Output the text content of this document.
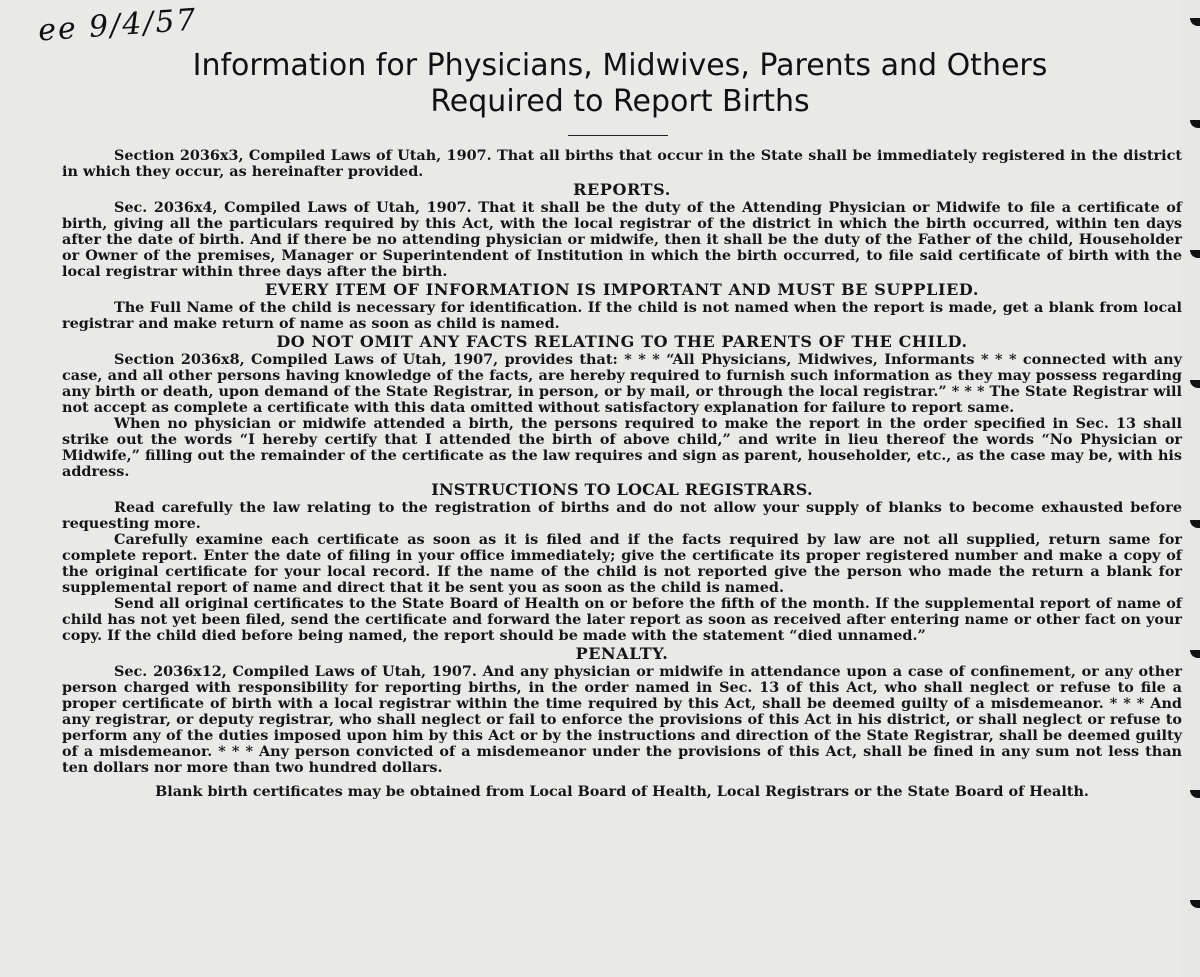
ee 9/4/57
Information for Physicians, Midwives, Parents and Others
Required to Report Births

Section 2036x3, Compiled Laws of Utah, 1907. That all births that occur in the State shall be immediately registered in the district in which they occur, as hereinafter provided.

REPORTS.

Sec. 2036x4, Compiled Laws of Utah, 1907. That it shall be the duty of the Attending Physician or Midwife to file a certificate of birth, giving all the particulars required by this Act, with the local registrar of the district in which the birth occurred, within ten days after the date of birth. And if there be no attending physician or midwife, then it shall be the duty of the Father of the child, Householder or Owner of the premises, Manager or Superintendent of Institution in which the birth occurred, to file said certificate of birth with the local registrar within three days after the birth.

EVERY ITEM OF INFORMATION IS IMPORTANT AND MUST BE SUPPLIED.

The Full Name of the child is necessary for identification. If the child is not named when the report is made, get a blank from local registrar and make return of name as soon as child is named.

DO NOT OMIT ANY FACTS RELATING TO THE PARENTS OF THE CHILD.

Section 2036x8, Compiled Laws of Utah, 1907, provides that: * * * “All Physicians, Midwives, Informants * * * connected with any case, and all other persons having knowledge of the facts, are hereby required to furnish such information as they may possess regarding any birth or death, upon demand of the State Registrar, in person, or by mail, or through the local registrar.” * * * The State Registrar will not accept as complete a certificate with this data omitted without satisfactory explanation for failure to report same.

When no physician or midwife attended a birth, the persons required to make the report in the order specified in Sec. 13 shall strike out the words “I hereby certify that I attended the birth of above child,” and write in lieu thereof the words “No Physician or Midwife,” filling out the remainder of the certificate as the law requires and sign as parent, householder, etc., as the case may be, with his address.

INSTRUCTIONS TO LOCAL REGISTRARS.

Read carefully the law relating to the registration of births and do not allow your supply of blanks to become exhausted before requesting more.

Carefully examine each certificate as soon as it is filed and if the facts required by law are not all supplied, return same for complete report. Enter the date of filing in your office immediately; give the certificate its proper registered number and make a copy of the original certificate for your local record. If the name of the child is not reported give the person who made the return a blank for supplemental report of name and direct that it be sent you as soon as the child is named.

Send all original certificates to the State Board of Health on or before the fifth of the month. If the supplemental report of name of child has not yet been filed, send the certificate and forward the later report as soon as received after entering name or other fact on your copy. If the child died before being named, the report should be made with the statement “died unnamed.”

PENALTY.

Sec. 2036x12, Compiled Laws of Utah, 1907. And any physician or midwife in attendance upon a case of confinement, or any other person charged with responsibility for reporting births, in the order named in Sec. 13 of this Act, who shall neglect or refuse to file a proper certificate of birth with a local registrar within the time required by this Act, shall be deemed guilty of a misdemeanor. * * * And any registrar, or deputy registrar, who shall neglect or fail to enforce the provisions of this Act in his district, or shall neglect or refuse to perform any of the duties imposed upon him by this Act or by the instructions and direction of the State Registrar, shall be deemed guilty of a misdemeanor. * * * Any person convicted of a misdemeanor under the provisions of this Act, shall be fined in any sum not less than ten dollars nor more than two hundred dollars.

Blank birth certificates may be obtained from Local Board of Health, Local Registrars or the State Board of Health.
